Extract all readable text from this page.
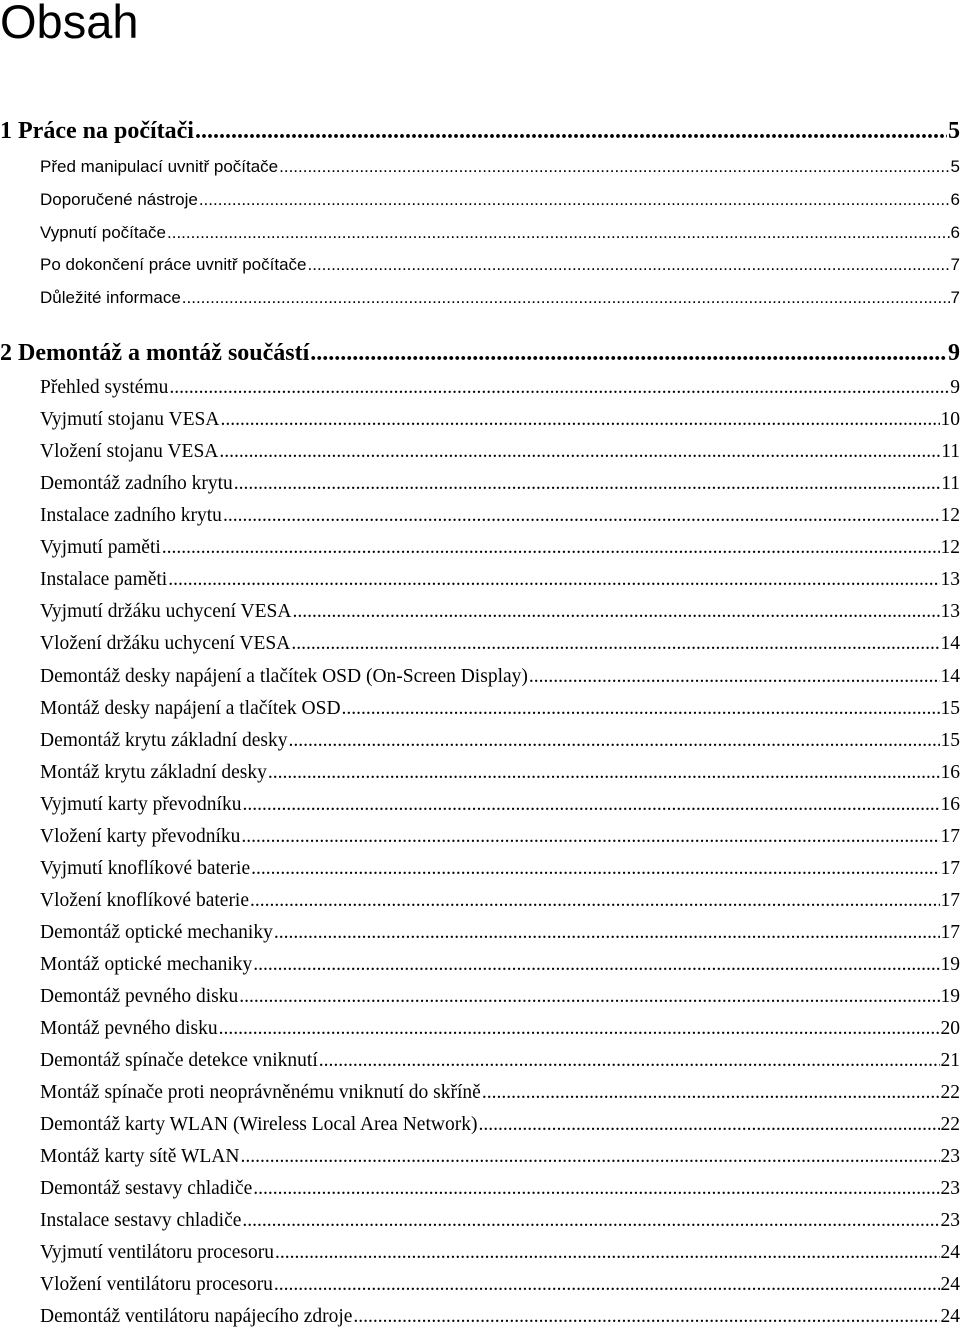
Obsah
1 Práce na počítači .....	5
Před manipulací uvnitř počítače .....	5
Doporučené nástroje .....	6
Vypnutí počítače .....	6
Po dokončení práce uvnitř počítače .....	7
Důležité informace .....	7
2 Demontáž a montáž součástí .....	9
Přehled systému .....	9
Vyjmutí stojanu VESA .....	10
Vložení stojanu VESA .....	11
Demontáž zadního krytu .....	11
Instalace zadního krytu .....	12
Vyjmutí paměti .....	12
Instalace paměti .....	13
Vyjmutí držáku uchycení VESA .....	13
Vložení držáku uchycení VESA .....	14
Demontáž desky napájení a tlačítek OSD (On-Screen Display) .....	14
Montáž desky napájení a tlačítek OSD .....	15
Demontáž krytu základní desky .....	15
Montáž krytu základní desky .....	16
Vyjmutí karty převodníku .....	16
Vložení karty převodníku .....	17
Vyjmutí knoflíkové baterie .....	17
Vložení knoflíkové baterie .....	17
Demontáž optické mechaniky .....	17
Montáž optické mechaniky .....	19
Demontáž pevného disku .....	19
Montáž pevného disku .....	20
Demontáž spínače detekce vniknutí .....	21
Montáž spínače proti neoprávněnému vniknutí do skříně .....	22
Demontáž karty WLAN (Wireless Local Area Network) .....	22
Montáž karty sítě WLAN .....	23
Demontáž sestavy chladiče .....	23
Instalace sestavy chladiče .....	23
Vyjmutí ventilátoru procesoru .....	24
Vložení ventilátoru procesoru .....	24
Demontáž ventilátoru napájecího zdroje .....	24
